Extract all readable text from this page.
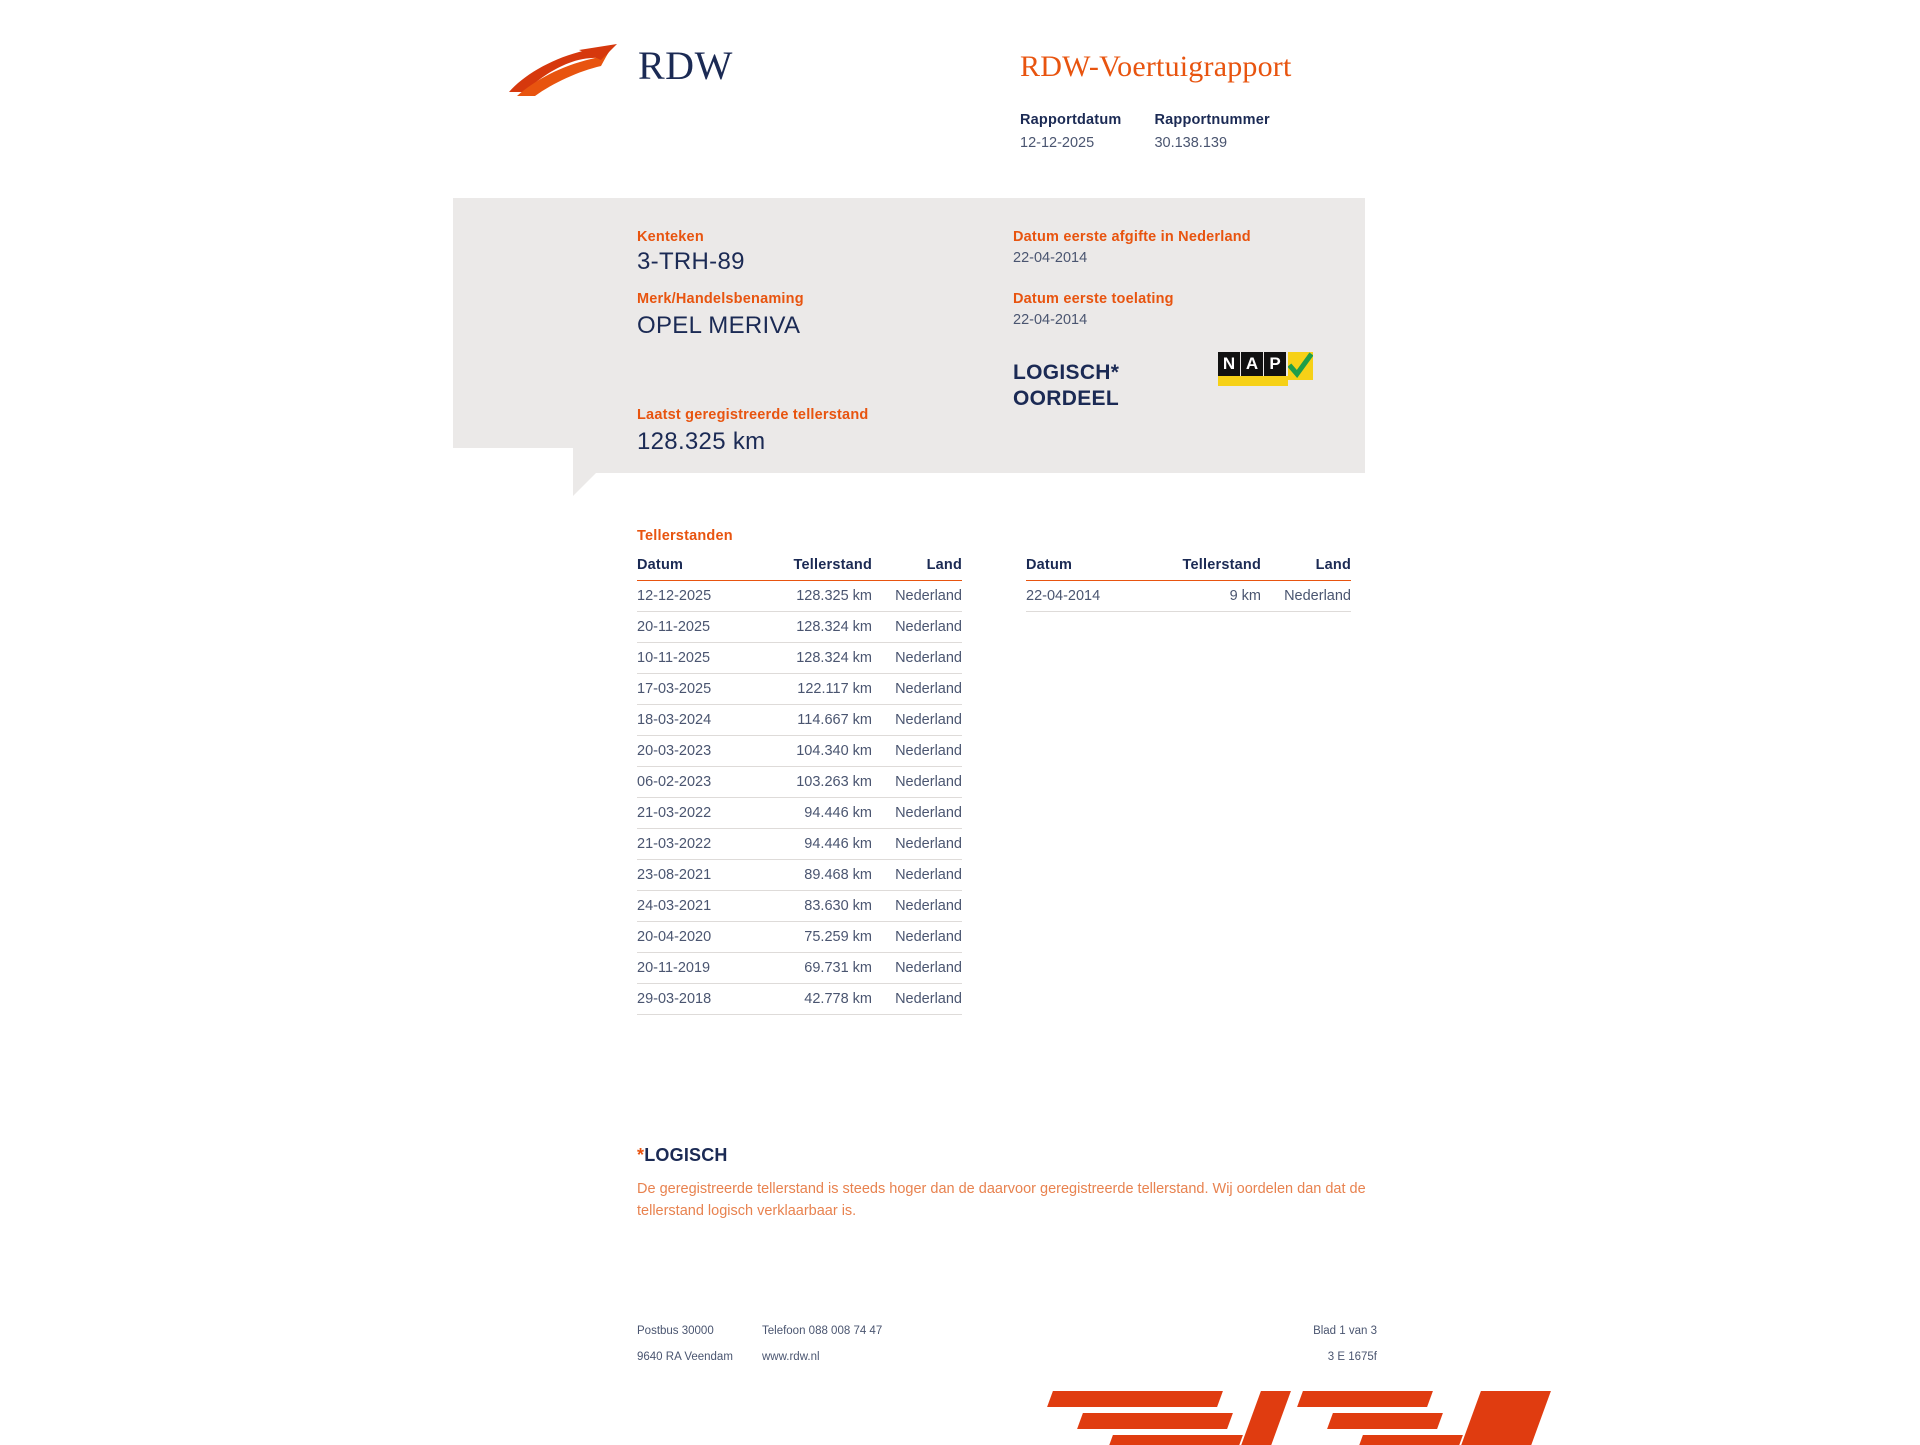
RDW	RDW-Voertuigrapport
Rapportdatum
12-12-2025

Rapportnummer
30.138.139
Kenteken
3-TRH-89
Merk/Handelsbenaming
OPEL MERIVA
Laatst geregistreerde tellerstand
128.325 km
Datum eerste afgifte in Nederland
22-04-2014
Datum eerste toelating
22-04-2014
LOGISCH*
OORDEEL
N A P
Tellerstanden
Datum	Tellerstand	Land
12-12-2025	128.325 km	Nederland
20-11-2025	128.324 km	Nederland
10-11-2025	128.324 km	Nederland
17-03-2025	122.117 km	Nederland
18-03-2024	114.667 km	Nederland
20-03-2023	104.340 km	Nederland
06-02-2023	103.263 km	Nederland
21-03-2022	94.446 km	Nederland
21-03-2022	94.446 km	Nederland
23-08-2021	89.468 km	Nederland
24-03-2021	83.630 km	Nederland
20-04-2020	75.259 km	Nederland
20-11-2019	69.731 km	Nederland
29-03-2018	42.778 km	Nederland
Datum	Tellerstand	Land
22-04-2014	9 km	Nederland
*LOGISCH
De geregistreerde tellerstand is steeds hoger dan de daarvoor geregistreerde tellerstand. Wij oordelen dan dat de tellerstand logisch verklaarbaar is.
Postbus 30000	Telefoon 088 008 74 47	Blad 1 van 3
9640 RA Veendam	www.rdw.nl	3 E 1675f
